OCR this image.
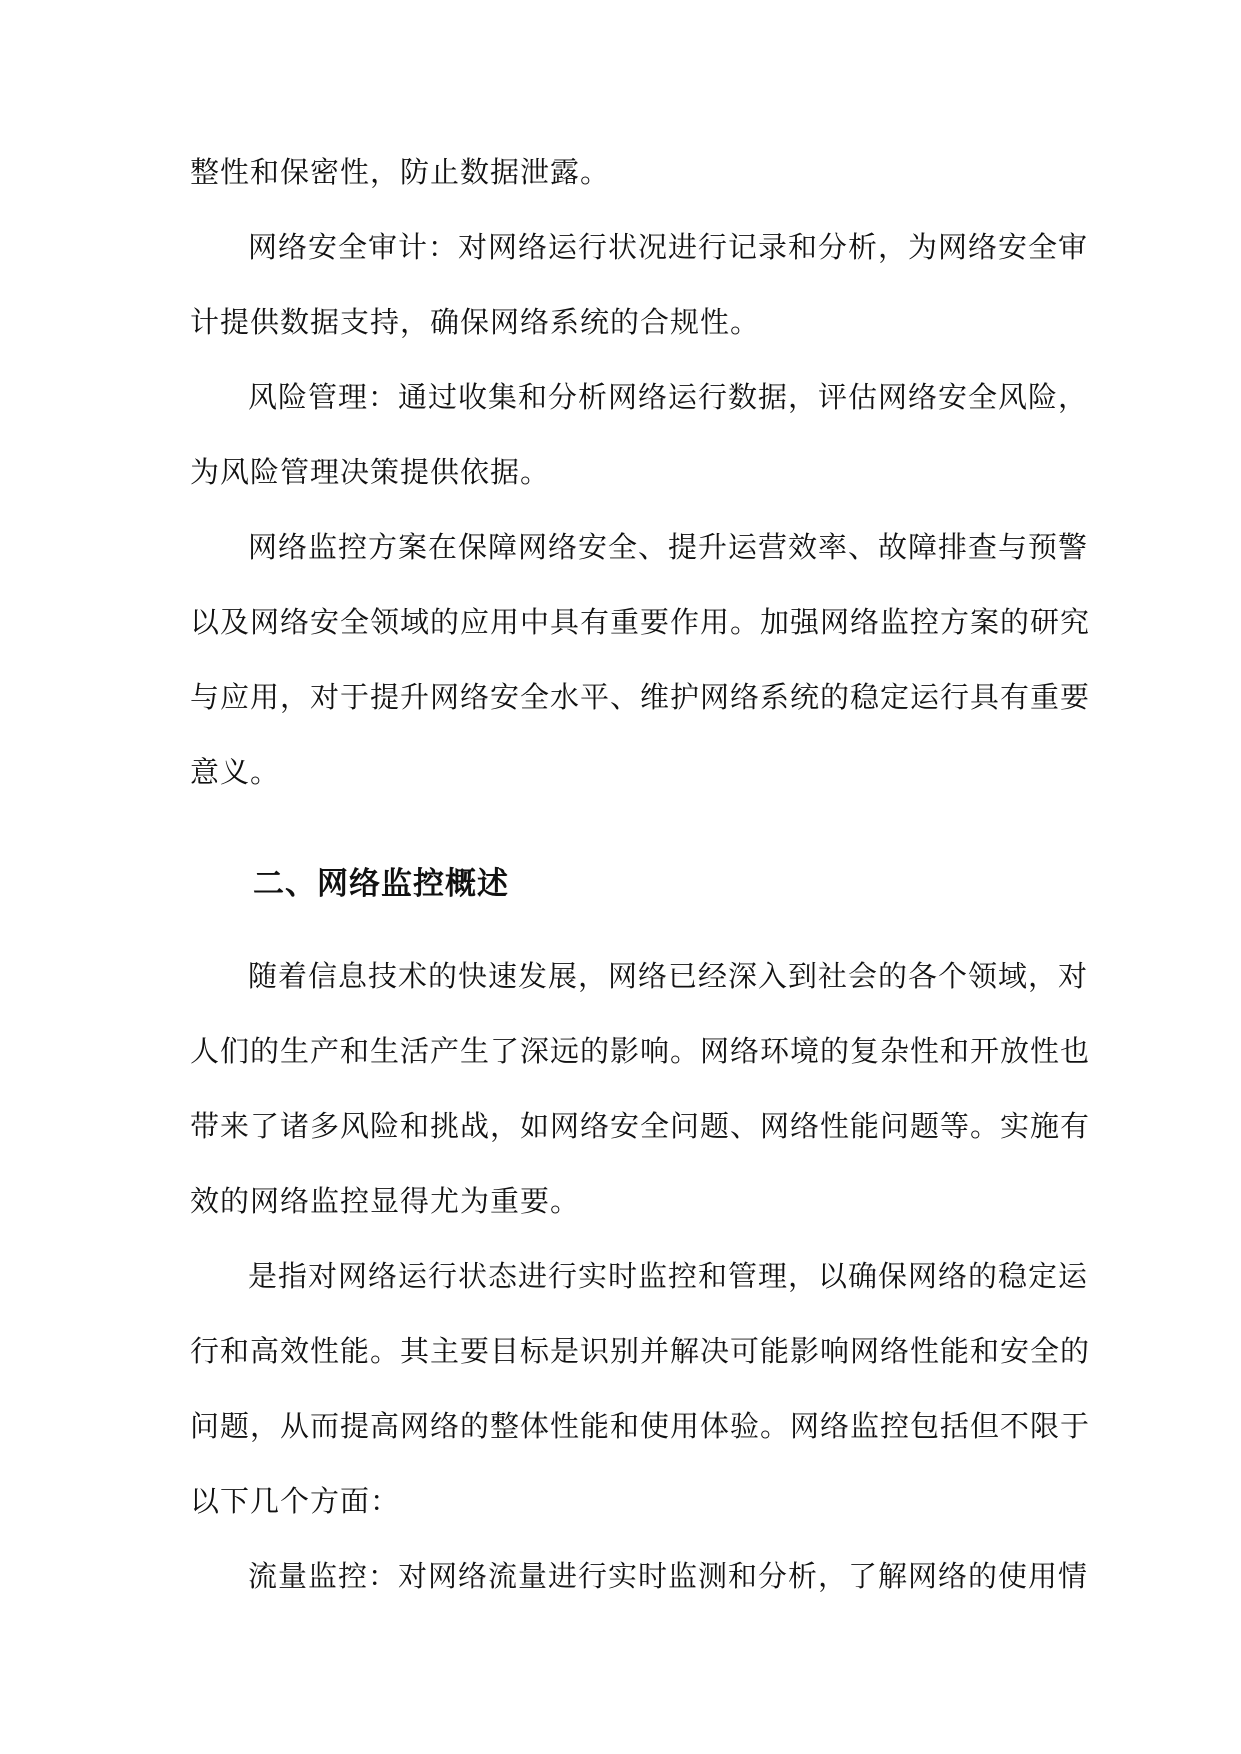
整性和保密性，防止数据泄露。
网络安全审计：对网络运行状况进行记录和分析，为网络安全审
计提供数据支持，确保网络系统的合规性。
风险管理：通过收集和分析网络运行数据，评估网络安全风险，
为风险管理决策提供依据。
网络监控方案在保障网络安全、提升运营效率、故障排查与预警
以及网络安全领域的应用中具有重要作用。加强网络监控方案的研究
与应用，对于提升网络安全水平、维护网络系统的稳定运行具有重要
意义。
二、网络监控概述
随着信息技术的快速发展，网络已经深入到社会的各个领域，对
人们的生产和生活产生了深远的影响。网络环境的复杂性和开放性也
带来了诸多风险和挑战，如网络安全问题、网络性能问题等。实施有
效的网络监控显得尤为重要。
是指对网络运行状态进行实时监控和管理，以确保网络的稳定运
行和高效性能。其主要目标是识别并解决可能影响网络性能和安全的
问题，从而提高网络的整体性能和使用体验。网络监控包括但不限于
以下几个方面：
流量监控：对网络流量进行实时监测和分析，了解网络的使用情
